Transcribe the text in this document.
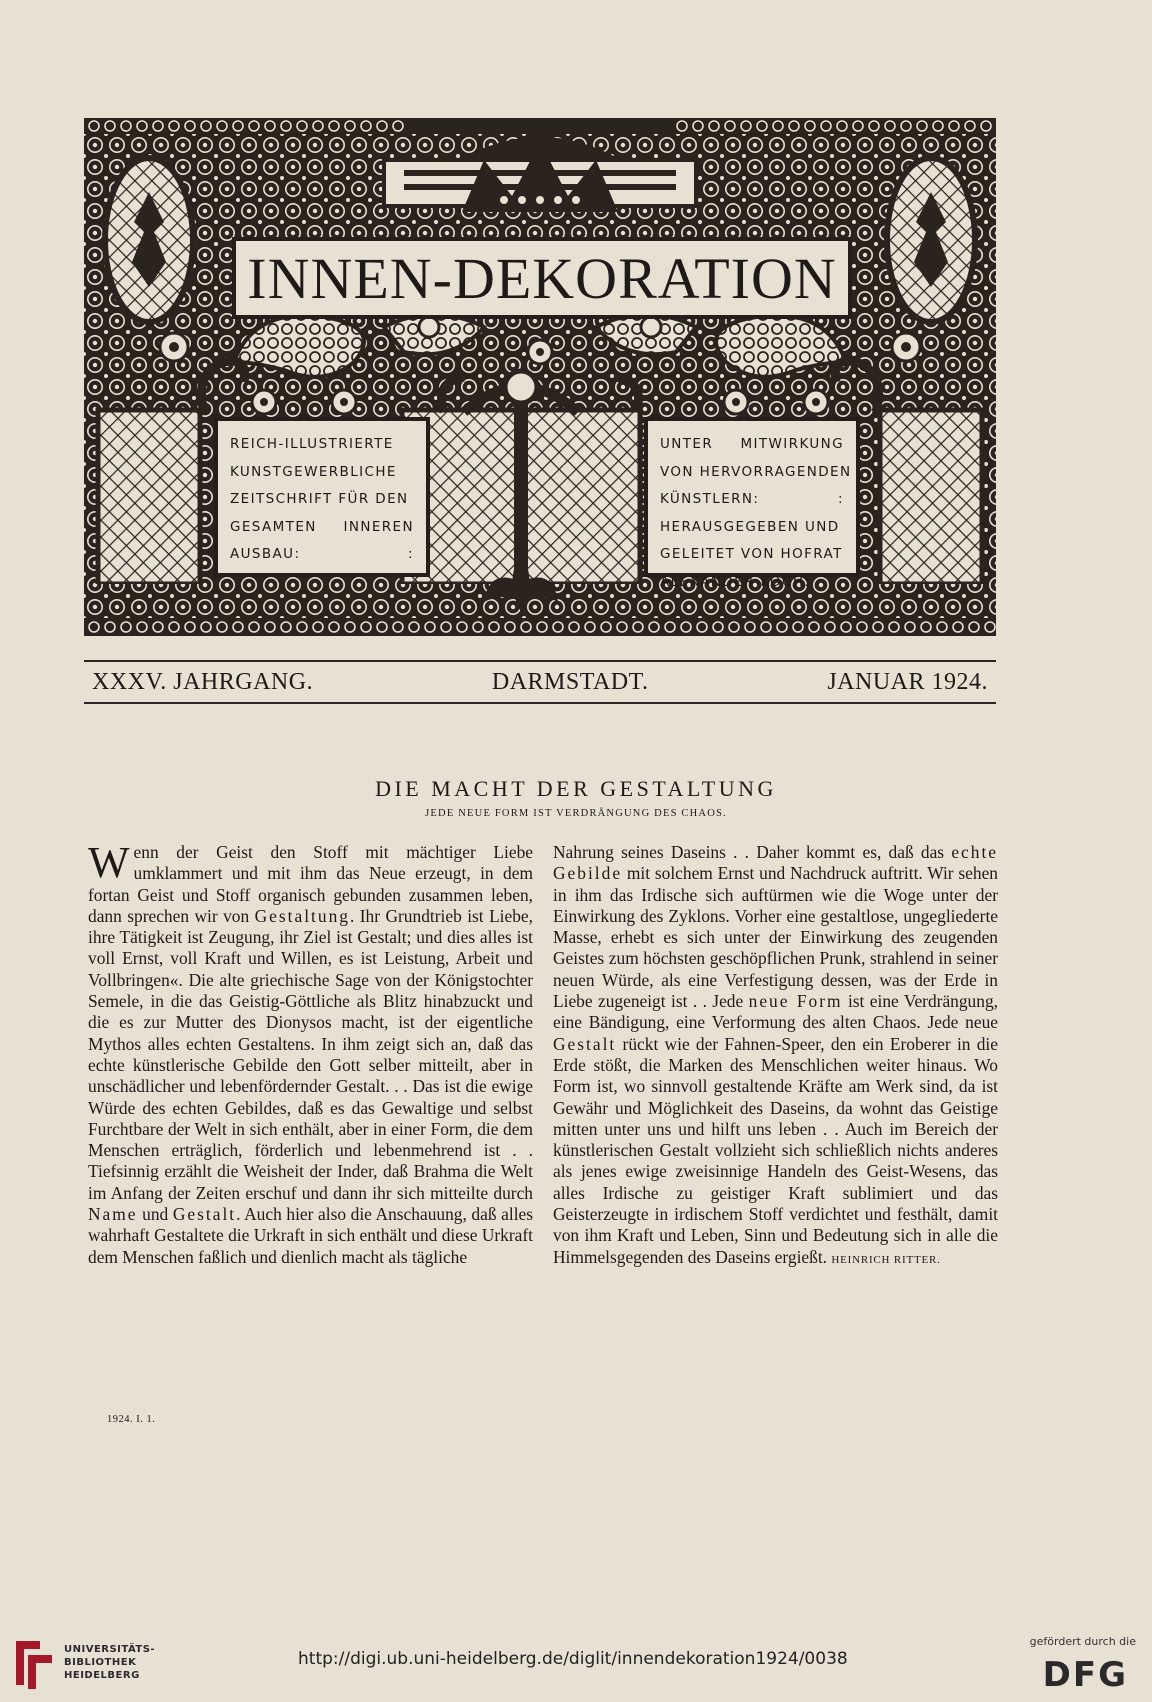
INNEN-DEKORATION
REICH-ILLUSTRIERTE
KUNSTGEWERBLICHE
ZEITSCHRIFT FÜR DEN
GESAMTEN INNEREN
AUSBAU:	:
UNTER MITWIRKUNG
VON HERVORRAGENDEN
KÜNSTLERN:	:
HERAUSGEGEBEN UND
GELEITET VON HOFRAT
ALEXANDER KOCH: :
XXXV. JAHRGANG.	DARMSTADT.	JANUAR 1924.
DIE MACHT DER GESTALTUNG
JEDE NEUE FORM IST VERDRÄNGUNG DES CHAOS.

W enn der Geist den Stoff mit mächtiger Liebe umklammert und mit ihm das Neue erzeugt, in dem fortan Geist und Stoff organisch gebunden zusammen leben, dann sprechen wir von Gestaltung. Ihr Grundtrieb ist Liebe, ihre Tätigkeit ist Zeugung, ihr Ziel ist Gestalt; und dies alles ist voll Ernst, voll Kraft und Willen, es ist Leistung, Arbeit und Vollbringen«. Die alte griechische Sage von der Königstochter Semele, in die das Geistig-Göttliche als Blitz hinabzuckt und die es zur Mutter des Dionysos macht, ist der eigentliche Mythos alles echten Gestaltens. In ihm zeigt sich an, daß das echte künstlerische Gebilde den Gott selber mitteilt, aber in unschädlicher und lebenfördernder Gestalt. . . Das ist die ewige Würde des echten Gebildes, daß es das Gewaltige und selbst Furchtbare der Welt in sich enthält, aber in einer Form, die dem Menschen erträglich, förderlich und lebenmehrend ist . . Tiefsinnig erzählt die Weisheit der Inder, daß Brahma die Welt im Anfang der Zeiten erschuf und dann ihr sich mitteilte durch Name und Gestalt. Auch hier also die Anschauung, daß alles wahrhaft Gestaltete die Urkraft in sich enthält und diese Urkraft dem Menschen faßlich und dienlich macht als tägliche

Nahrung seines Daseins . . Daher kommt es, daß das echte Gebilde mit solchem Ernst und Nachdruck auftritt. Wir sehen in ihm das Irdische sich auftürmen wie die Woge unter der Einwirkung des Zyklons. Vorher eine gestaltlose, ungegliederte Masse, erhebt es sich unter der Einwirkung des zeugenden Geistes zum höchsten geschöpflichen Prunk, strahlend in seiner neuen Würde, als eine Verfestigung dessen, was der Erde in Liebe zugeneigt ist . . Jede neue Form ist eine Verdrängung, eine Bändigung, eine Verformung des alten Chaos. Jede neue Gestalt rückt wie der Fahnen-Speer, den ein Eroberer in die Erde stößt, die Marken des Menschlichen weiter hinaus. Wo Form ist, wo sinnvoll gestaltende Kräfte am Werk sind, da ist Gewähr und Möglichkeit des Daseins, da wohnt das Geistige mitten unter uns und hilft uns leben . . Auch im Bereich der künstlerischen Gestalt vollzieht sich schließlich nichts anderes als jenes ewige zweisinnige Handeln des Geist-Wesens, das alles Irdische zu geistiger Kraft sublimiert und das Geisterzeugte in irdischem Stoff verdichtet und festhält, damit von ihm Kraft und Leben, Sinn und Bedeutung sich in alle die Himmelsgegenden des Daseins ergießt. HEINRICH RITTER.

1924. I. 1.
UNIVERSITÄTS-
BIBLIOTHEK
HEIDELBERG
http://digi.ub.uni-heidelberg.de/diglit/innendekoration1924/0038
gefördert durch die
DFG
